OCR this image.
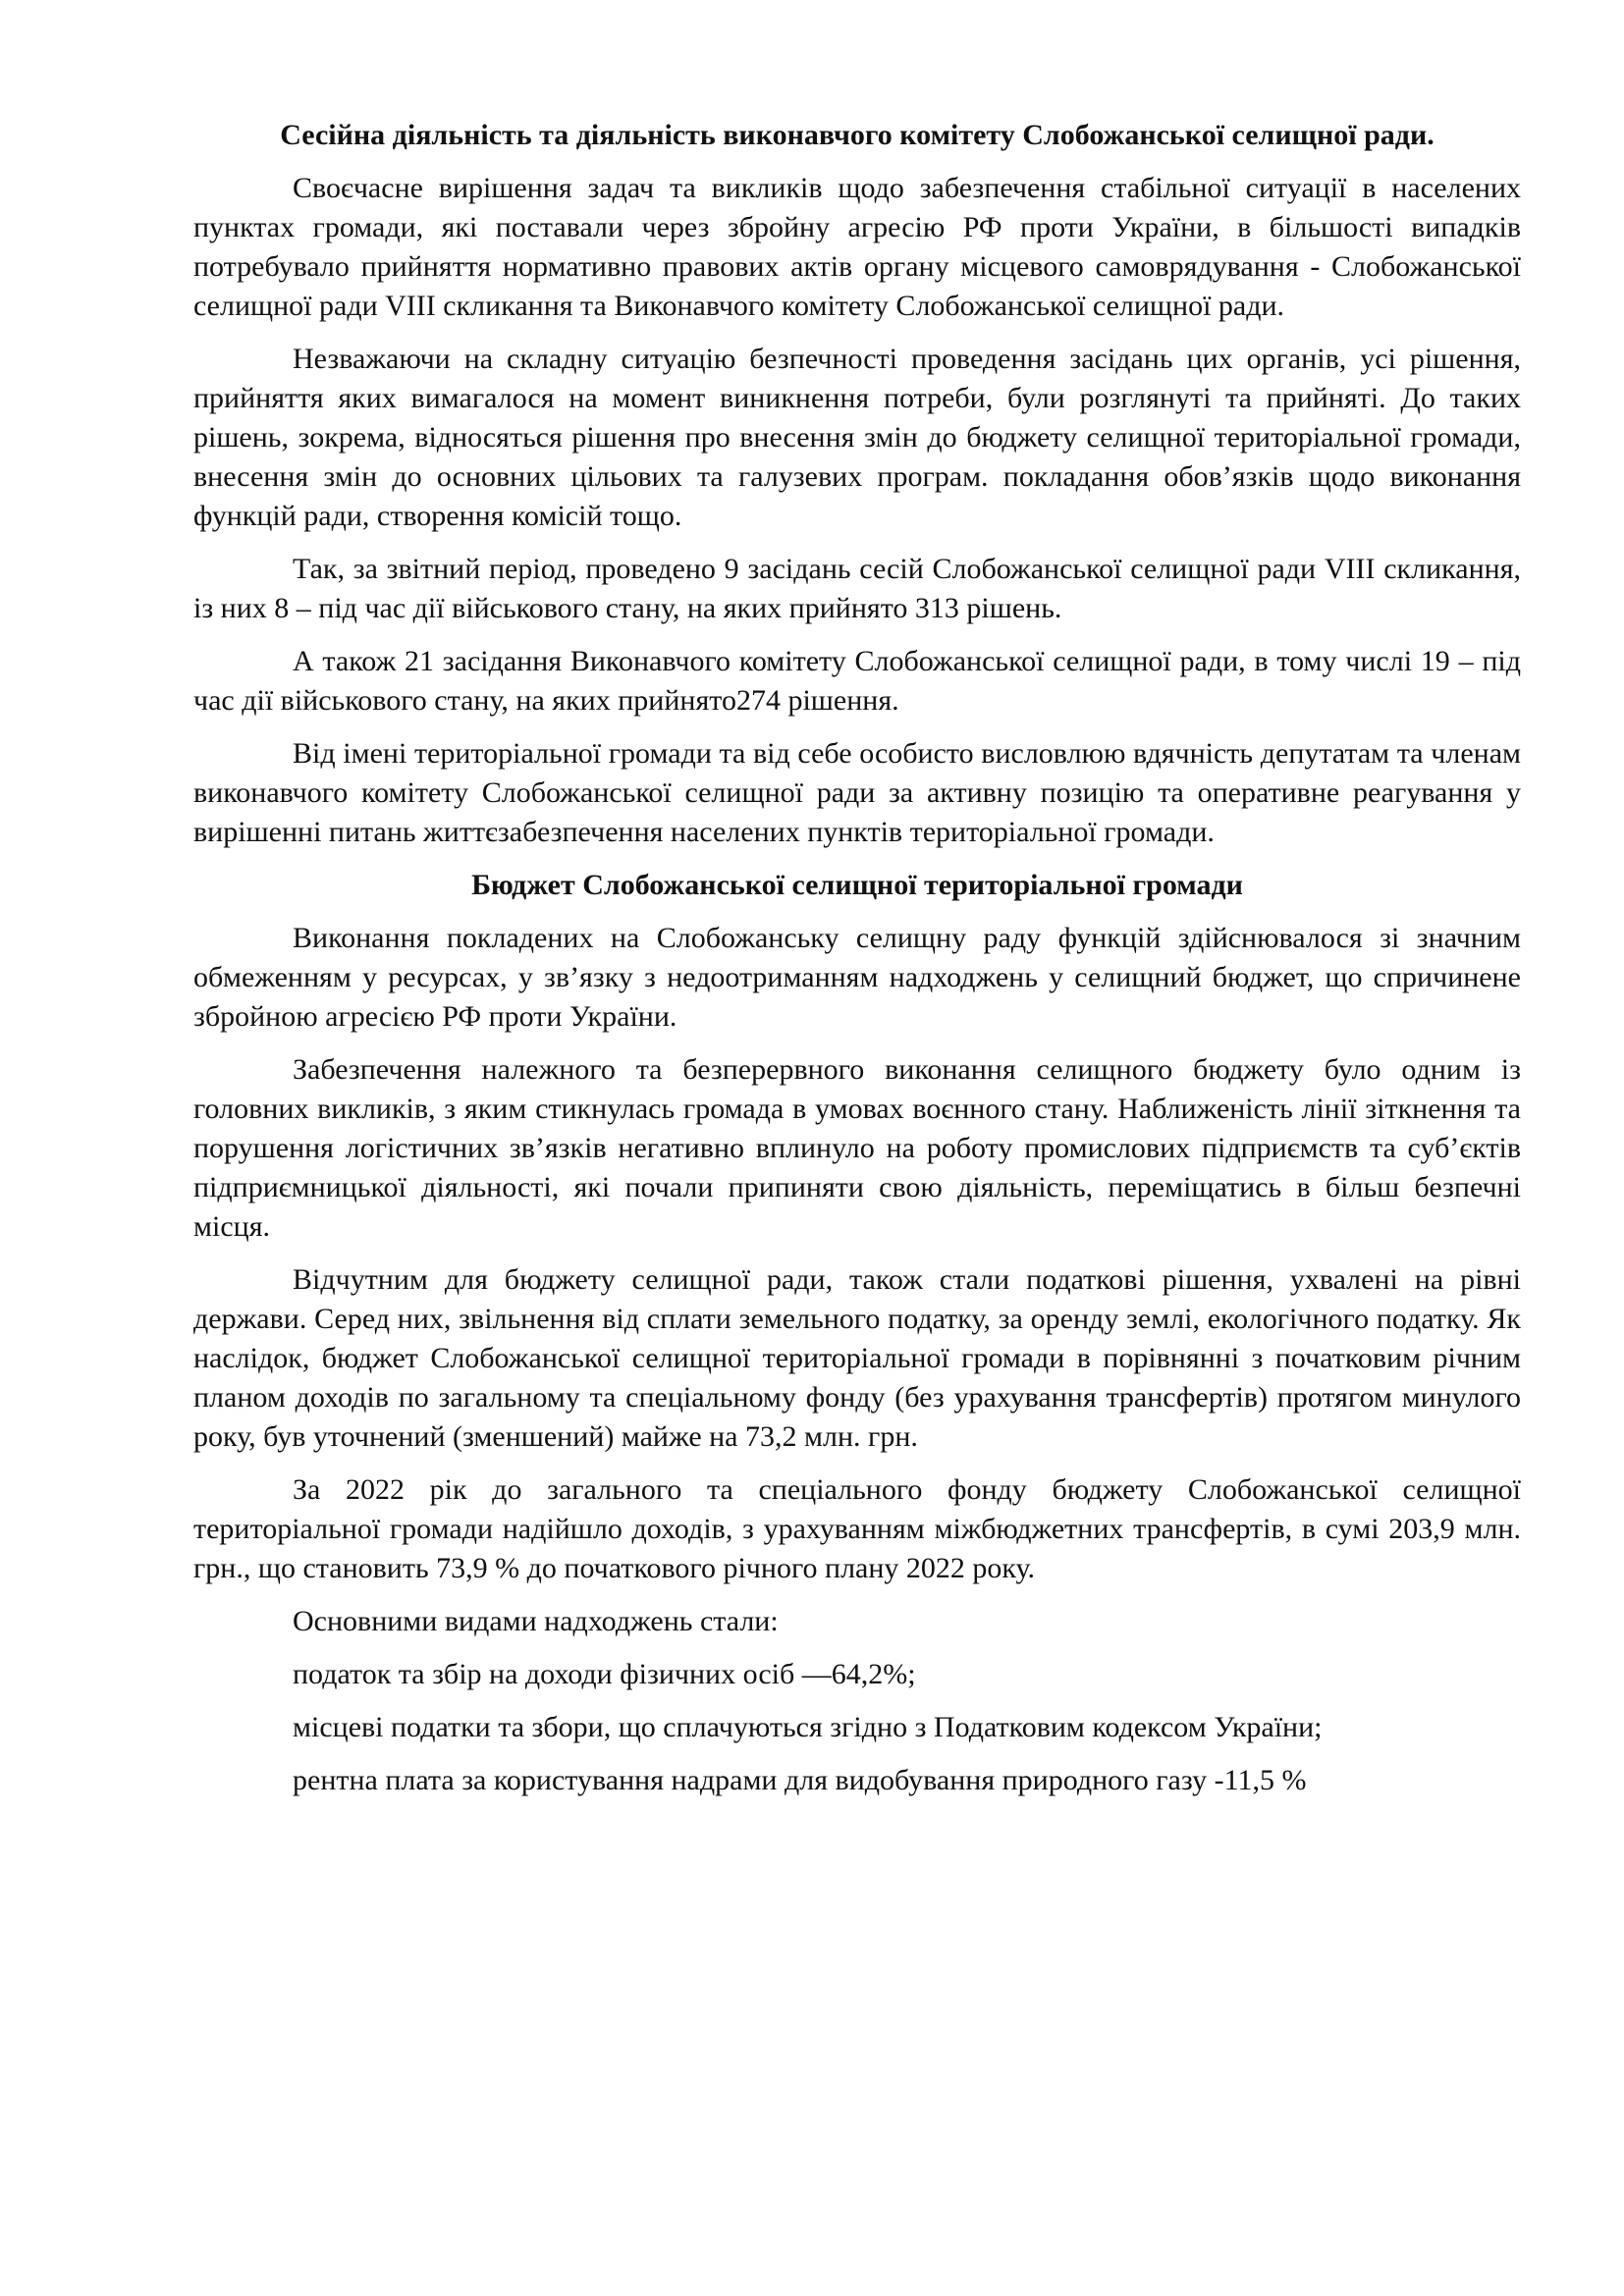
Сесійна діяльність та діяльність виконавчого комітету Слобожанської селищної ради.

Своєчасне вирішення задач та викликів щодо забезпечення стабільної ситуації в населених пунктах громади, які поставали через збройну агресію РФ проти України, в більшості випадків потребувало прийняття нормативно правових актів органу місцевого самоврядування - Слобожанської селищної ради VIII скликання та Виконавчого комітету Слобожанської селищної ради.

Незважаючи на складну ситуацію безпечності проведення засідань цих органів, усі рішення, прийняття яких вимагалося на момент виникнення потреби, були розглянуті та прийняті. До таких рішень, зокрема, відносяться рішення про внесення змін до бюджету селищної територіальної громади, внесення змін до основних цільових та галузевих програм. покладання обов’язків щодо виконання функцій ради, створення комісій тощо.

Так, за звітний період, проведено 9 засідань сесій Слобожанської селищної ради VIII скликання, із них 8 – під час дії військового стану, на яких прийнято 313 рішень.

А також 21 засідання Виконавчого комітету Слобожанської селищної ради, в тому числі 19 – під час дії військового стану, на яких прийнято274 рішення.

Від імені територіальної громади та від себе особисто висловлюю вдячність депутатам та членам виконавчого комітету Слобожанської селищної ради за активну позицію та оперативне реагування у вирішенні питань життєзабезпечення населених пунктів територіальної громади.

Бюджет Слобожанської селищної територіальної громади

Виконання покладених на Слобожанську селищну раду функцій здійснювалося зі значним обмеженням у ресурсах, у зв’язку з недоотриманням надходжень у селищний бюджет, що спричинене збройною агресією РФ проти України.

Забезпечення належного та безперервного виконання селищного бюджету було одним із головних викликів, з яким стикнулась громада в умовах воєнного стану. Наближеність лінії зіткнення та порушення логістичних зв’язків негативно вплинуло на роботу промислових підприємств та суб’єктів підприємницької діяльності, які почали припиняти свою діяльність, переміщатись в більш безпечні місця.

Відчутним для бюджету селищної ради, також стали податкові рішення, ухвалені на рівні держави. Серед них, звільнення від сплати земельного податку, за оренду землі, екологічного податку. Як наслідок, бюджет Слобожанської селищної територіальної громади в порівнянні з початковим річним планом доходів по загальному та спеціальному фонду (без урахування трансфертів) протягом минулого року, був уточнений (зменшений) майже на 73,2 млн. грн.

За 2022 рік до загального та спеціального фонду бюджету Слобожанської селищної територіальної громади надійшло доходів, з урахуванням міжбюджетних трансфертів, в сумі 203,9 млн. грн., що становить 73,9 % до початкового річного плану 2022 року.

Основними видами надходжень стали:

податок та збір на доходи фізичних осіб —64,2%;

місцеві податки та збори, що сплачуються згідно з Податковим кодексом України;

рентна плата за користування надрами для видобування природного газу -11,5 %
